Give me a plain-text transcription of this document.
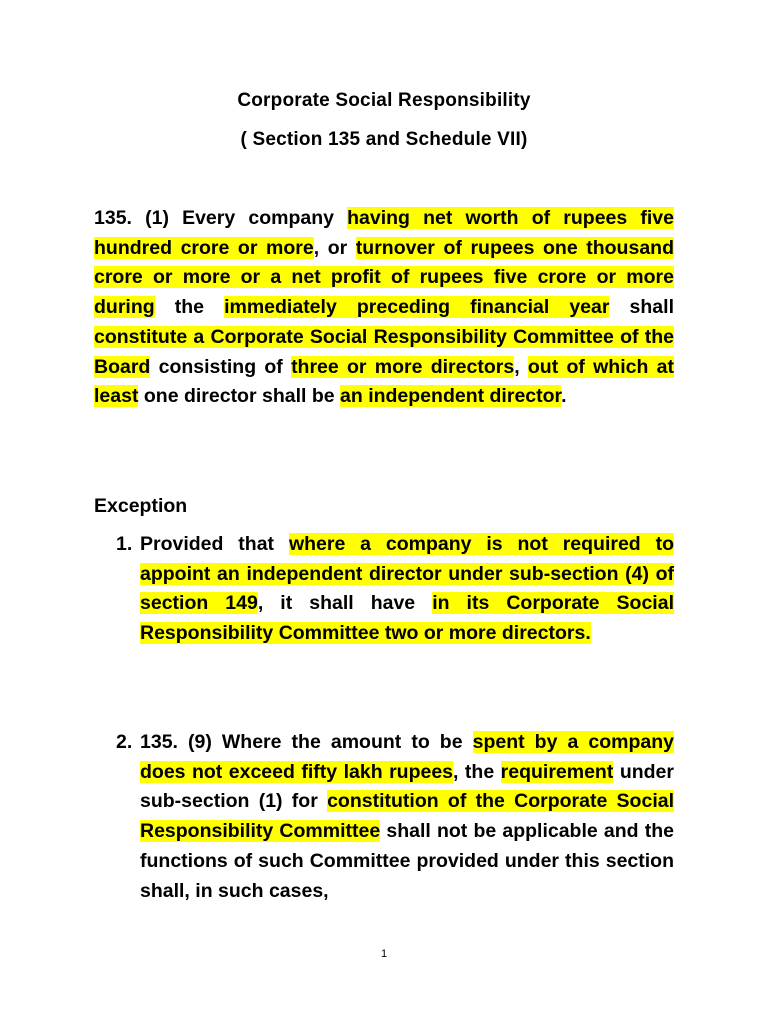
Corporate Social Responsibility
( Section 135 and Schedule VII)
135. (1) Every company having net worth of rupees five hundred crore or more, or turnover of rupees one thousand crore or more or a net profit of rupees five crore or more during the immediately preceding financial year shall constitute a Corporate Social Responsibility Committee of the Board consisting of three or more directors, out of which at least one director shall be an independent director.
Exception
1. Provided that where a company is not required to appoint an independent director under sub-section (4) of section 149, it shall have in its Corporate Social Responsibility Committee two or more directors.
2. 135. (9) Where the amount to be spent by a company does not exceed fifty lakh rupees, the requirement under sub-section (1) for constitution of the Corporate Social Responsibility Committee shall not be applicable and the functions of such Committee provided under this section shall, in such cases,
1
